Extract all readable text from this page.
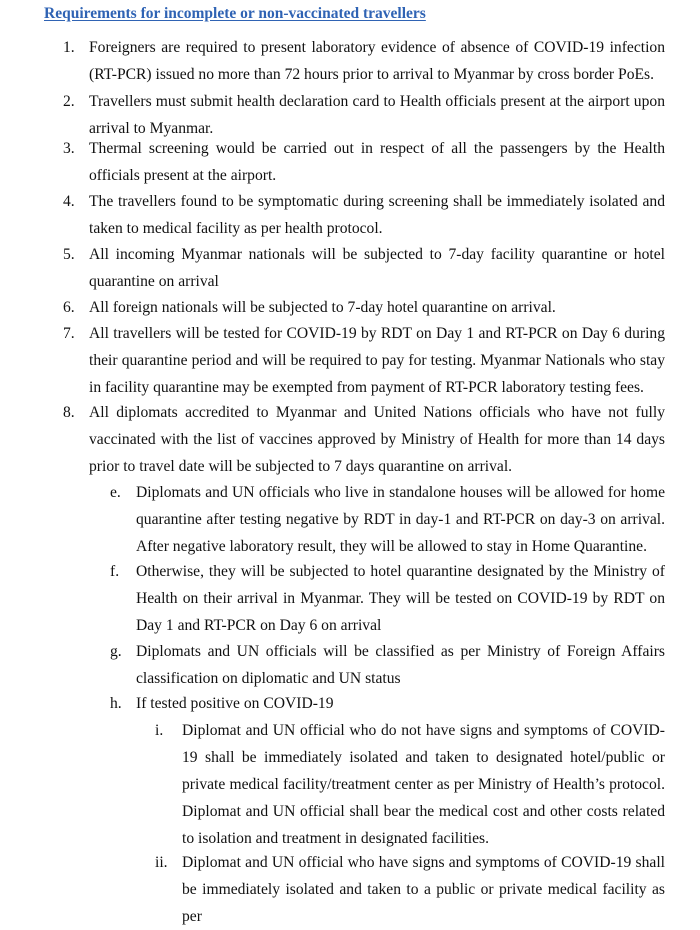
Requirements for incomplete or non-vaccinated travellers
1. Foreigners are required to present laboratory evidence of absence of COVID-19 infection (RT-PCR) issued no more than 72 hours prior to arrival to Myanmar by cross border PoEs.
2. Travellers must submit health declaration card to Health officials present at the airport upon arrival to Myanmar.
3. Thermal screening would be carried out in respect of all the passengers by the Health officials present at the airport.
4. The travellers found to be symptomatic during screening shall be immediately isolated and taken to medical facility as per health protocol.
5. All incoming Myanmar nationals will be subjected to 7-day facility quarantine or hotel quarantine on arrival
6. All foreign nationals will be subjected to 7-day hotel quarantine on arrival.
7. All travellers will be tested for COVID-19 by RDT on Day 1 and RT-PCR on Day 6 during their quarantine period and will be required to pay for testing. Myanmar Nationals who stay in facility quarantine may be exempted from payment of RT-PCR laboratory testing fees.
8. All diplomats accredited to Myanmar and United Nations officials who have not fully vaccinated with the list of vaccines approved by Ministry of Health for more than 14 days prior to travel date will be subjected to 7 days quarantine on arrival.
e. Diplomats and UN officials who live in standalone houses will be allowed for home quarantine after testing negative by RDT in day-1 and RT-PCR on day-3 on arrival. After negative laboratory result, they will be allowed to stay in Home Quarantine.
f. Otherwise, they will be subjected to hotel quarantine designated by the Ministry of Health on their arrival in Myanmar. They will be tested on COVID-19 by RDT on Day 1 and RT-PCR on Day 6 on arrival
g. Diplomats and UN officials will be classified as per Ministry of Foreign Affairs classification on diplomatic and UN status
h. If tested positive on COVID-19
i. Diplomat and UN official who do not have signs and symptoms of COVID-19 shall be immediately isolated and taken to designated hotel/public or private medical facility/treatment center as per Ministry of Health’s protocol. Diplomat and UN official shall bear the medical cost and other costs related to isolation and treatment in designated facilities.
ii. Diplomat and UN official who have signs and symptoms of COVID-19 shall be immediately isolated and taken to a public or private medical facility as per
